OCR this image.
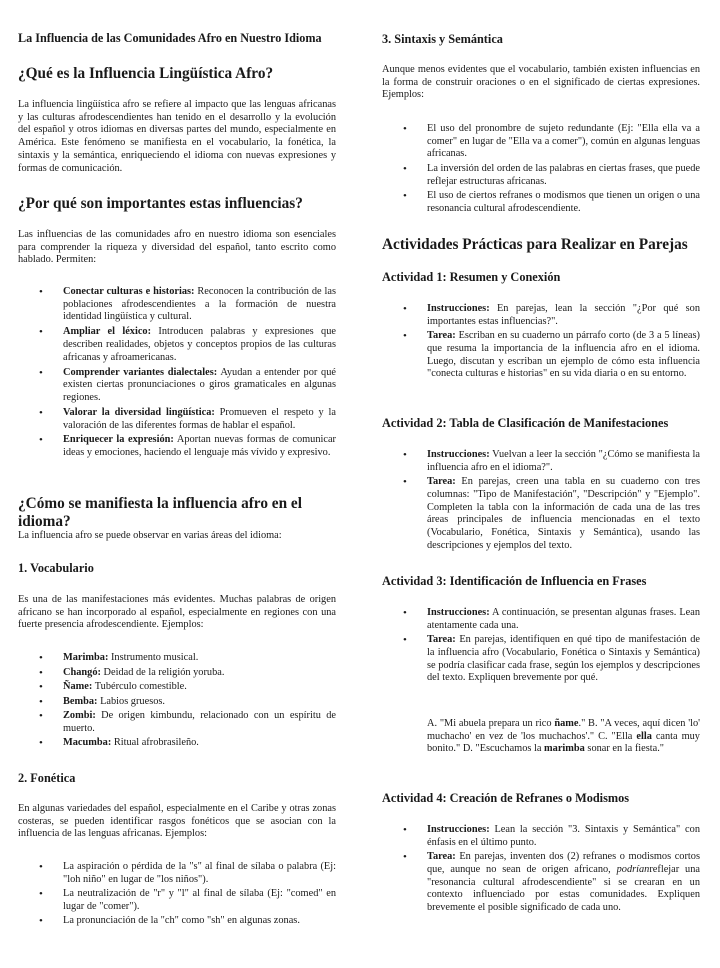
La Influencia de las Comunidades Afro en Nuestro Idioma
¿Qué es la Influencia Lingüística Afro?

La influencia lingüística afro se refiere al impacto que las lenguas africanas y las culturas afrodescendientes han tenido en el desarrollo y la evolución del español y otros idiomas en diversas partes del mundo, especialmente en América. Este fenómeno se manifiesta en el vocabulario, la fonética, la sintaxis y la semántica, enriqueciendo el idioma con nuevas expresiones y formas de comunicación.

¿Por qué son importantes estas influencias?

Las influencias de las comunidades afro en nuestro idioma son esenciales para comprender la riqueza y diversidad del español, tanto escrito como hablado. Permiten:

• Conectar culturas e historias: Reconocen la contribución de las poblaciones afrodescendientes a la formación de nuestra identidad lingüística y cultural.
• Ampliar el léxico: Introducen palabras y expresiones que describen realidades, objetos y conceptos propios de las culturas africanas y afroamericanas.
• Comprender variantes dialectales: Ayudan a entender por qué existen ciertas pronunciaciones o giros gramaticales en algunas regiones.
• Valorar la diversidad lingüística: Promueven el respeto y la valoración de las diferentes formas de hablar el español.
• Enriquecer la expresión: Aportan nuevas formas de comunicar ideas y emociones, haciendo el lenguaje más vívido y expresivo.
¿Cómo se manifiesta la influencia afro en el idioma?

La influencia afro se puede observar en varias áreas del idioma:

1. Vocabulario

Es una de las manifestaciones más evidentes. Muchas palabras de origen africano se han incorporado al español, especialmente en regiones con una fuerte presencia afrodescendiente. Ejemplos:

• Marimba: Instrumento musical.
• Changó: Deidad de la religión yoruba.
• Ñame: Tubérculo comestible.
• Bemba: Labios gruesos.
• Zombi: De origen kimbundu, relacionado con un espíritu de muerto.
• Macumba: Ritual afrobrasileño.
2. Fonética

En algunas variedades del español, especialmente en el Caribe y otras zonas costeras, se pueden identificar rasgos fonéticos que se asocian con la influencia de las lenguas africanas. Ejemplos:

• La aspiración o pérdida de la "s" al final de sílaba o palabra (Ej: "loh niño" en lugar de "los niños").
• La neutralización de "r" y "l" al final de sílaba (Ej: "comed" en lugar de "comer").
• La pronunciación de la "ch" como "sh" en algunas zonas.
3. Sintaxis y Semántica

Aunque menos evidentes que el vocabulario, también existen influencias en la forma de construir oraciones o en el significado de ciertas expresiones. Ejemplos:

• El uso del pronombre de sujeto redundante (Ej: "Ella ella va a comer" en lugar de "Ella va a comer"), común en algunas lenguas africanas.
• La inversión del orden de las palabras en ciertas frases, que puede reflejar estructuras africanas.
• El uso de ciertos refranes o modismos que tienen un origen o una resonancia cultural afrodescendiente.
Actividades Prácticas para Realizar en Parejas
Actividad 1: Resumen y Conexión
• Instrucciones: En parejas, lean la sección "¿Por qué son importantes estas influencias?".
• Tarea: Escriban en su cuaderno un párrafo corto (de 3 a 5 líneas) que resuma la importancia de la influencia afro en el idioma. Luego, discutan y escriban un ejemplo de cómo esta influencia "conecta culturas e historias" en su vida diaria o en su entorno.
Actividad 2: Tabla de Clasificación de Manifestaciones
• Instrucciones: Vuelvan a leer la sección "¿Cómo se manifiesta la influencia afro en el idioma?".
• Tarea: En parejas, creen una tabla en su cuaderno con tres columnas: "Tipo de Manifestación", "Descripción" y "Ejemplo". Completen la tabla con la información de cada una de las tres áreas principales de influencia mencionadas en el texto (Vocabulario, Fonética, Sintaxis y Semántica), usando las descripciones y ejemplos del texto.
Actividad 3: Identificación de Influencia en Frases
• Instrucciones: A continuación, se presentan algunas frases. Lean atentamente cada una.
• Tarea: En parejas, identifiquen en qué tipo de manifestación de la influencia afro (Vocabulario, Fonética o Sintaxis y Semántica) se podría clasificar cada frase, según los ejemplos y descripciones del texto. Expliquen brevemente por qué.

A. "Mi abuela prepara un rico ñame." B. "A veces, aquí dicen 'lo' muchacho' en vez de 'los muchachos'." C. "Ella ella canta muy bonito." D. "Escuchamos la marimba sonar en la fiesta."

Actividad 4: Creación de Refranes o Modismos
• Instrucciones: Lean la sección "3. Sintaxis y Semántica" con énfasis en el último punto.
• Tarea: En parejas, inventen dos (2) refranes o modismos cortos que, aunque no sean de origen africano, podríanreflejar una "resonancia cultural afrodescendiente" si se crearan en un contexto influenciado por estas comunidades. Expliquen brevemente el posible significado de cada uno.
